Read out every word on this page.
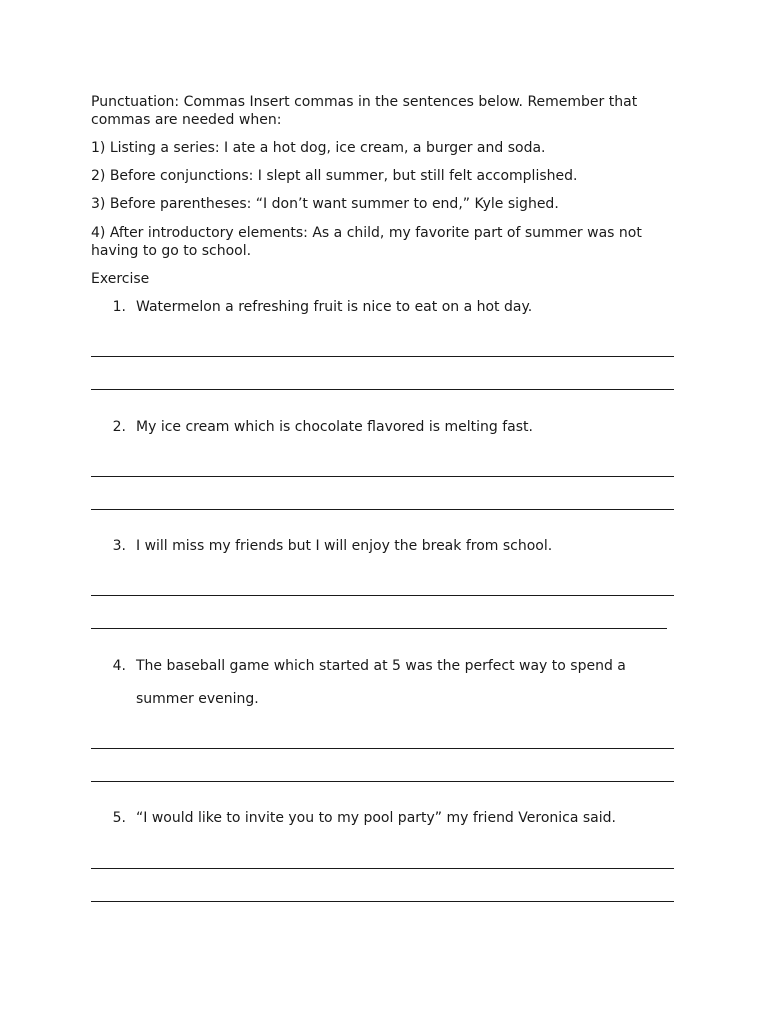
Punctuation: Commas Insert commas in the sentences below. Remember that commas are needed when:
1) Listing a series: I ate a hot dog, ice cream, a burger and soda.
2) Before conjunctions: I slept all summer, but still felt accomplished.
3) Before parentheses: “I don’t want summer to end,” Kyle sighed.
4) After introductory elements: As a child, my favorite part of summer was not having to go to school.
Exercise
1. Watermelon a refreshing fruit is nice to eat on a hot day.
2. My ice cream which is chocolate flavored is melting fast.
3. I will miss my friends but I will enjoy the break from school.
4. The baseball game which started at 5 was the perfect way to spend a
summer evening.
5. “I would like to invite you to my pool party” my friend Veronica said.
